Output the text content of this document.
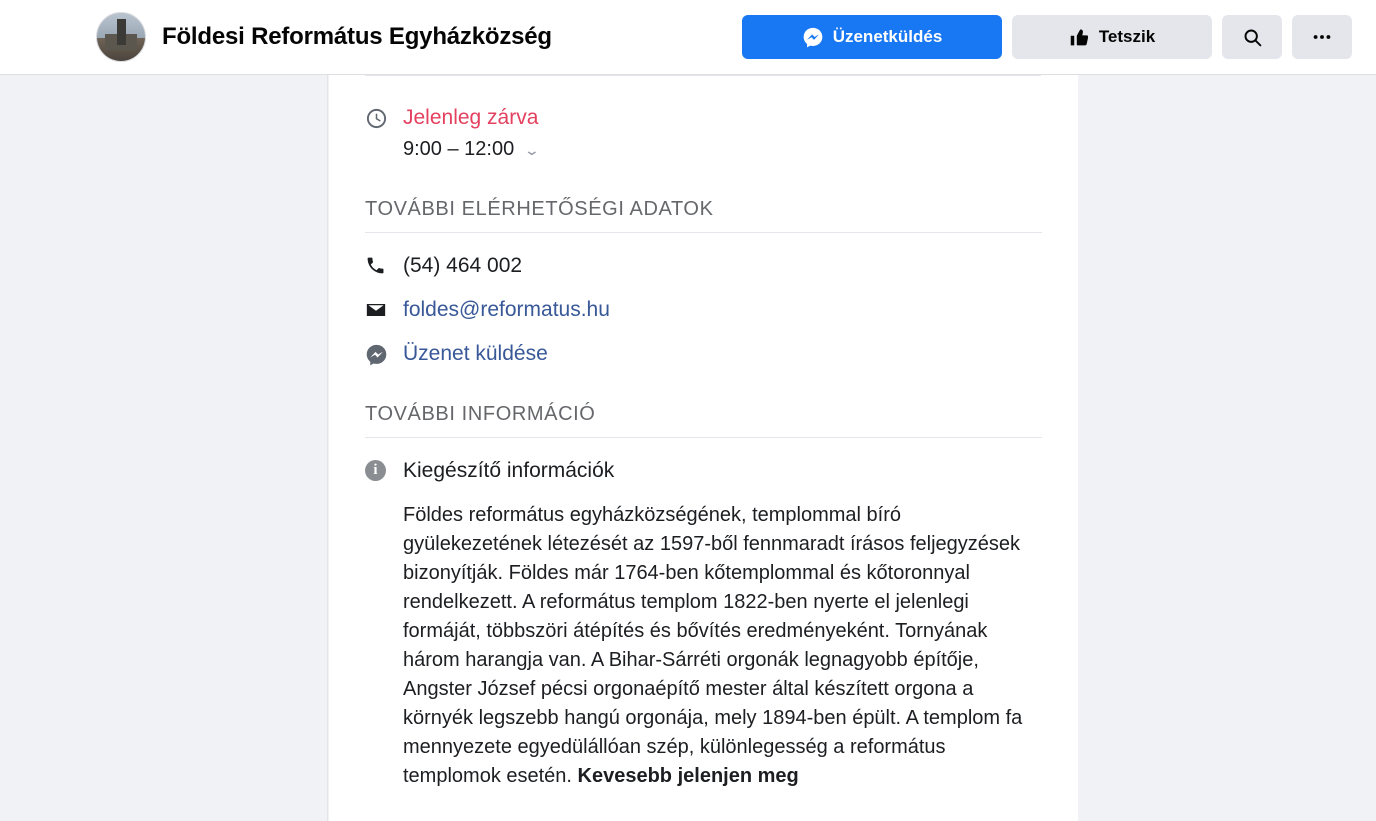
Földesi Református Egyházközség	Üzenetküldés	Tetszik
Jelenleg zárva
9:00 – 12:00 ⌄
TOVÁBBI ELÉRHETŐSÉGI ADATOK
(54) 464 002
foldes@reformatus.hu
Üzenet küldése
TOVÁBBI INFORMÁCIÓ
i	Kiegészítő információk
Földes református egyházközségének, templommal bíró gyülekezetének létezését az 1597-ből fennmaradt írásos feljegyzések bizonyítják. Földes már 1764-ben kőtemplommal és kőtoronnyal rendelkezett. A református templom 1822-ben nyerte el jelenlegi formáját, többszöri átépítés és bővítés eredményeként. Tornyának három harangja van. A Bihar-Sárréti orgonák legnagyobb építője, Angster József pécsi orgonaépítő mester által készített orgona a környék legszebb hangú orgonája, mely 1894-ben épült. A templom fa mennyezete egyedülállóan szép, különlegesség a református templomok esetén. Kevesebb jelenjen meg
